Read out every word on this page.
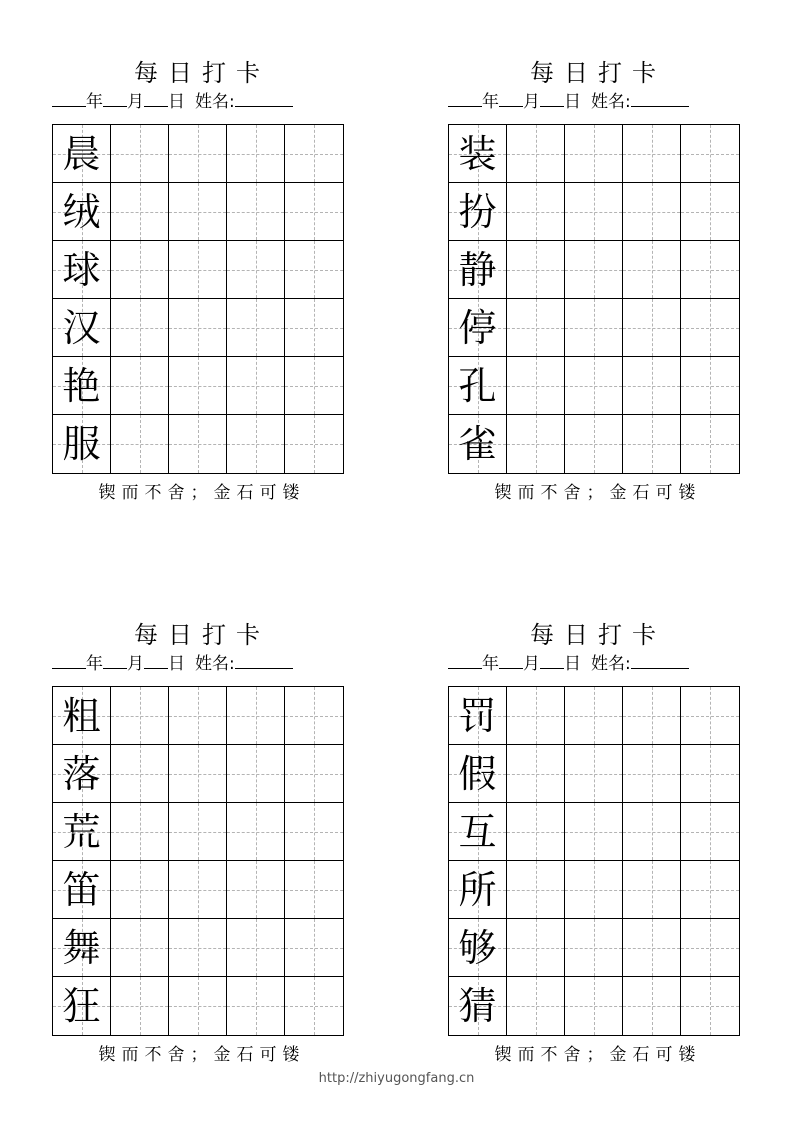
每日打卡
年 月 日 姓名:
晨
绒
球
汉
艳
服
锲而不舍；金石可镂
每日打卡
年 月 日 姓名:
装
扮
静
停
孔
雀
锲而不舍；金石可镂
每日打卡
年 月 日 姓名:
粗
落
荒
笛
舞
狂
锲而不舍；金石可镂
每日打卡
年 月 日 姓名:
罚
假
互
所
够
猜
锲而不舍；金石可镂
http://zhiyugongfang.cn
